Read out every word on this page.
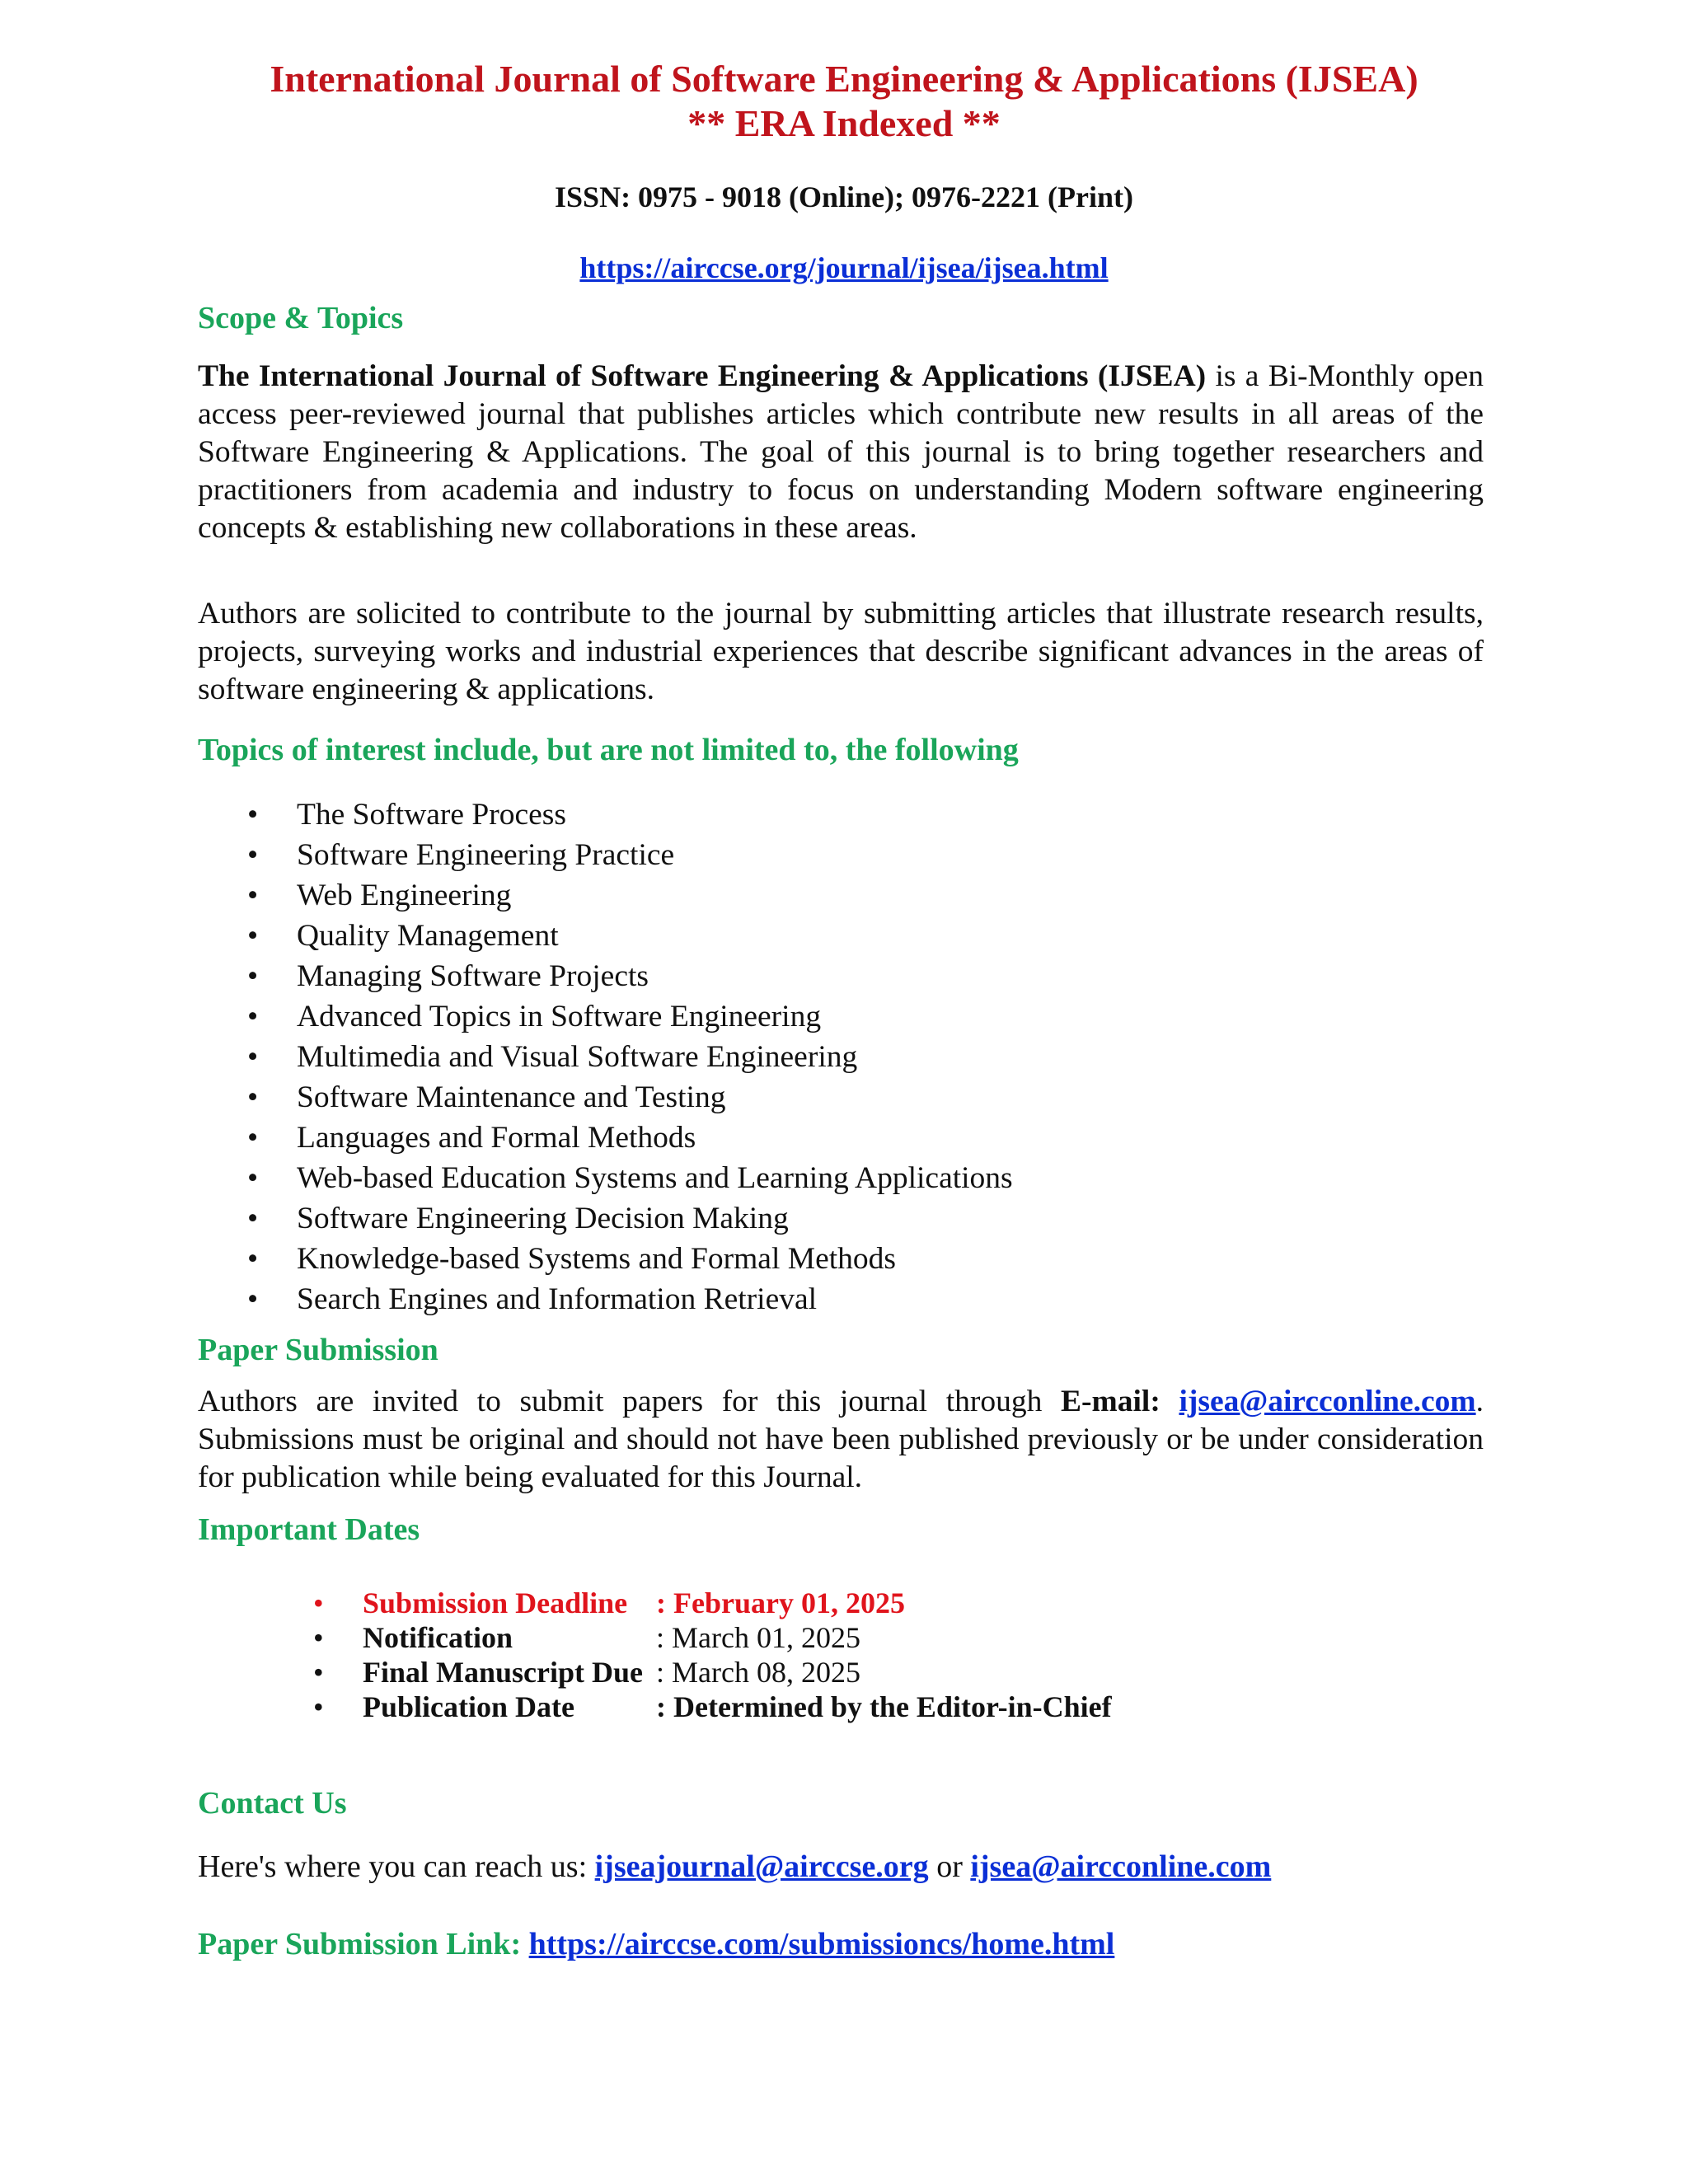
International Journal of Software Engineering & Applications (IJSEA)
** ERA Indexed **
ISSN: 0975 - 9018 (Online); 0976-2221 (Print)
https://airccse.org/journal/ijsea/ijsea.html
Scope & Topics
The International Journal of Software Engineering & Applications (IJSEA) is a Bi-Monthly open access peer-reviewed journal that publishes articles which contribute new results in all areas of the Software Engineering & Applications. The goal of this journal is to bring together researchers and practitioners from academia and industry to focus on understanding Modern software engineering concepts & establishing new collaborations in these areas.
Authors are solicited to contribute to the journal by submitting articles that illustrate research results, projects, surveying works and industrial experiences that describe significant advances in the areas of software engineering & applications.
Topics of interest include, but are not limited to, the following
• The Software Process
• Software Engineering Practice
• Web Engineering
• Quality Management
• Managing Software Projects
• Advanced Topics in Software Engineering
• Multimedia and Visual Software Engineering
• Software Maintenance and Testing
• Languages and Formal Methods
• Web-based Education Systems and Learning Applications
• Software Engineering Decision Making
• Knowledge-based Systems and Formal Methods
• Search Engines and Information Retrieval
Paper Submission
Authors are invited to submit papers for this journal through E-mail: ijsea@aircconline.com. Submissions must be original and should not have been published previously or be under consideration for publication while being evaluated for this Journal.
Important Dates
• Submission Deadline : February 01, 2025
• Notification	: March 01, 2025
• Final Manuscript Due : March 08, 2025
• Publication Date	: Determined by the Editor-in-Chief
Contact Us
Here's where you can reach us: ijseajournal@airccse.org or ijsea@aircconline.com
Paper Submission Link: https://airccse.com/submissioncs/home.html
